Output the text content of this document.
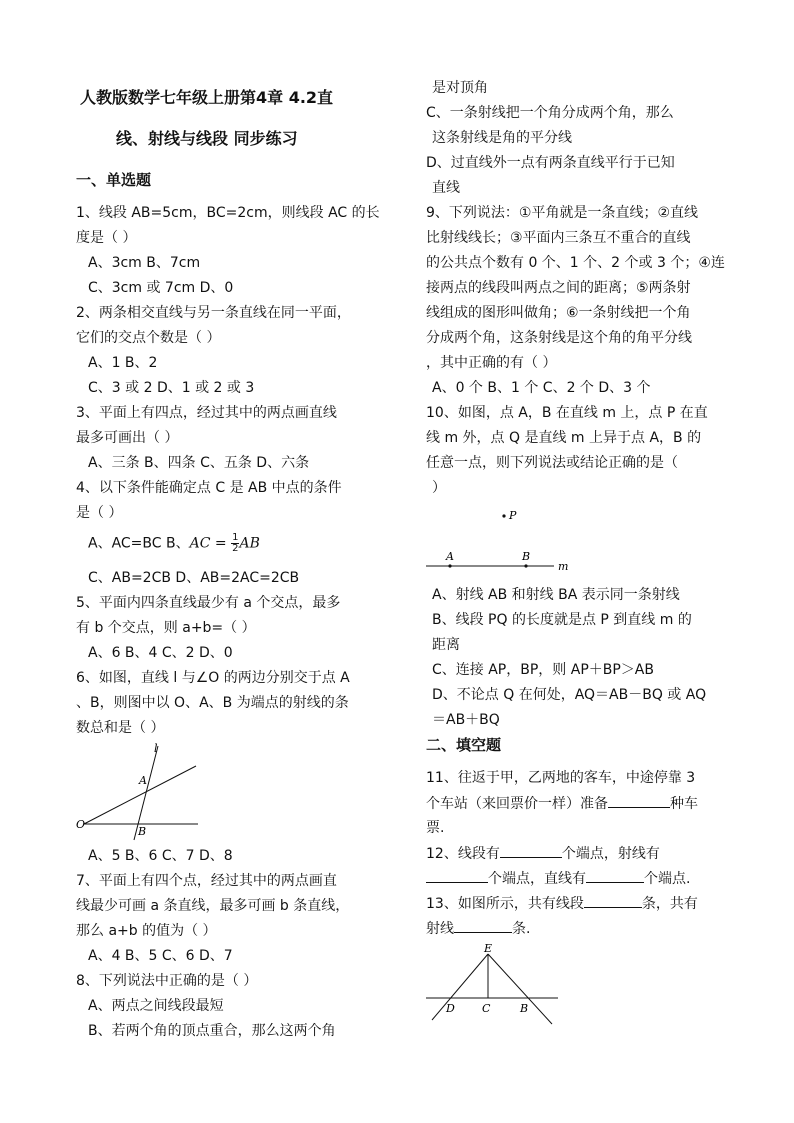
人教版数学七年级上册第4章 4.2直
线、射线与线段 同步练习
一、单选题
1、线段 AB=5cm，BC=2cm，则线段 AC 的长
度是（ ）
A、3cm B、7cm
C、3cm 或 7cm D、0
2、两条相交直线与另一条直线在同一平面，
它们的交点个数是（ ）
A、1 B、2
C、3 或 2 D、1 或 2 或 3
3、平面上有四点，经过其中的两点画直线
最多可画出（ ）
A、三条 B、四条 C、五条 D、六条
4、以下条件能确定点 C 是 AB 中点的条件
是（ ）
A、AC=BC B、AC = $\frac{1}{2}$ AB
C、AB=2CB D、AB=2AC=2CB
5、平面内四条直线最少有 a 个交点，最多
有 b 个交点，则 a+b=（ ）
A、6 B、4 C、2 D、0
6、如图，直线 l 与∠O 的两边分别交于点 A
、B，则图中以 O、A、B 为端点的射线的条
数总和是（ ）
l
A
O
B
A、5 B、6 C、7 D、8
7、平面上有四个点，经过其中的两点画直
线最少可画 a 条直线，最多可画 b 条直线，
那么 a+b 的值为（ ）
A、4 B、5 C、6 D、7
8、下列说法中正确的是（ ）
A、两点之间线段最短
B、若两个角的顶点重合，那么这两个角
是对顶角
C、一条射线把一个角分成两个角，那么
这条射线是角的平分线
D、过直线外一点有两条直线平行于已知
直线
9、下列说法：①平角就是一条直线；②直线
比射线线长；③平面内三条互不重合的直线
的公共点个数有 0 个、1 个、2 个或 3 个；④连
接两点的线段叫两点之间的距离；⑤两条射
线组成的图形叫做角；⑥一条射线把一个角
分成两个角，这条射线是这个角的角平分线
，其中正确的有（ ）
A、0 个 B、1 个 C、2 个 D、3 个
10、如图，点 A，B 在直线 m 上，点 P 在直
线 m 外，点 Q 是直线 m 上异于点 A，B 的
任意一点，则下列说法或结论正确的是（
）
P
A	B
m
A、射线 AB 和射线 BA 表示同一条射线
B、线段 PQ 的长度就是点 P 到直线 m 的
距离
C、连接 AP，BP，则 AP＋BP＞AB
D、不论点 Q 在何处，AQ＝AB－BQ 或 AQ
＝AB＋BQ
二、填空题
11、往返于甲，乙两地的客车，中途停靠 3
个车站（来回票价一样）准备	种车
票.
12、线段有	个端点，射线有
个端点，直线有	个端点.
13、如图所示，共有线段	条，共有
射线	条.
E
D C	B
